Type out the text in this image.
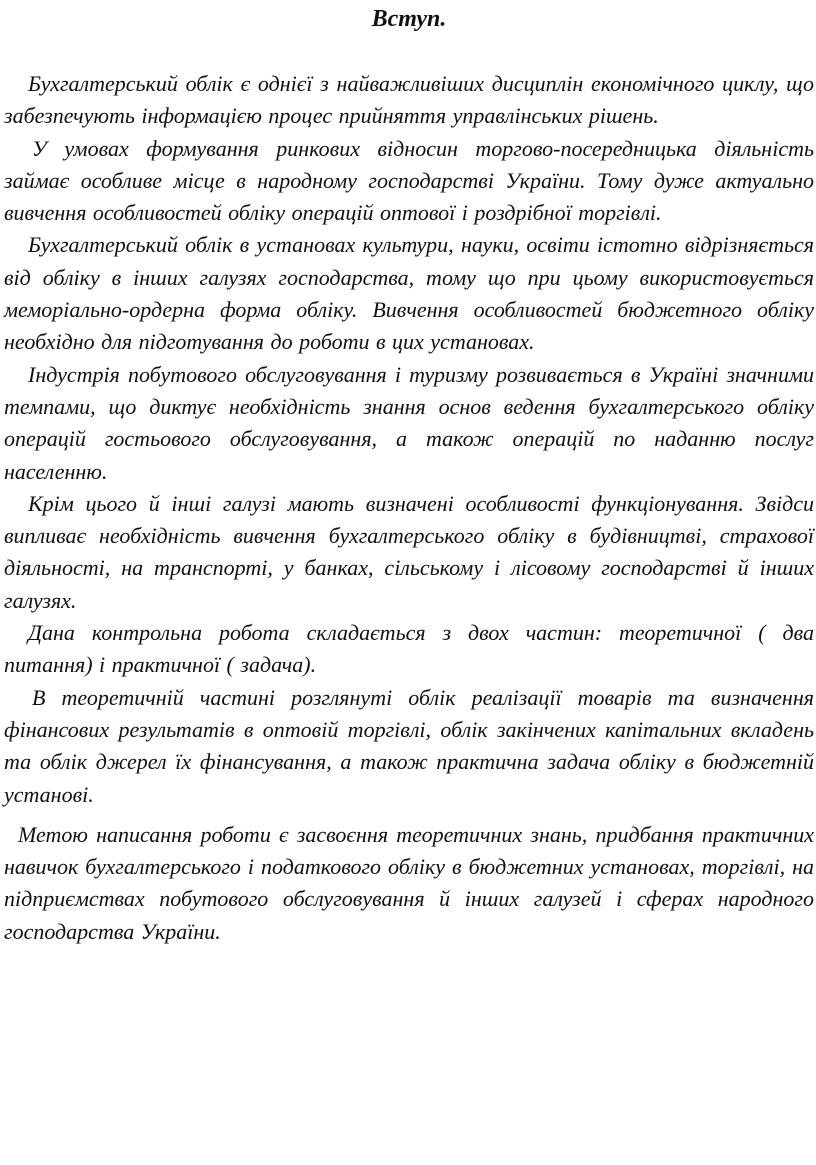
Вступ.

Бухгалтерський облік є однієї з найважливіших дисциплін економічного циклу, що забезпечують інформацією процес прийняття управлінських рішень.

У умовах формування ринкових відносин торгово-посередницька діяльність займає особливе місце в народному господарстві України. Тому дуже актуально вивчення особливостей обліку операцій оптової і роздрібної торгівлі.

Бухгалтерський облік в установах культури, науки, освіти істотно відрізняється від обліку в інших галузях господарства, тому що при цьому використовується меморіально-ордерна форма обліку. Вивчення особливостей бюджетного обліку необхідно для підготування до роботи в цих установах.

Індустрія побутового обслуговування і туризму розвивається в Україні значними темпами, що диктує необхідність знання основ ведення бухгалтерського обліку операцій гостьового обслуговування, а також операцій по наданню послуг населенню.

Крім цього й інші галузі мають визначені особливості функціонування. Звідси випливає необхідність вивчення бухгалтерського обліку в будівництві, страхової діяльності, на транспорті, у банках, сільському і лісовому господарстві й інших галузях.

Дана контрольна робота складається з двох частин: теоретичної ( два питання) і практичної ( задача).

В теоретичній частині розглянуті облік реалізації товарів та визначення фінансових результатів в оптовій торгівлі, облік закінчених капітальних вкладень та облік джерел їх фінансування, а також практична задача обліку в бюджетній установі.

Метою написання роботи є засвоєння теоретичних знань, придбання практичних навичок бухгалтерського і податкового обліку в бюджетних установах, торгівлі, на підприємствах побутового обслуговування й інших галузей і сферах народного господарства України.
